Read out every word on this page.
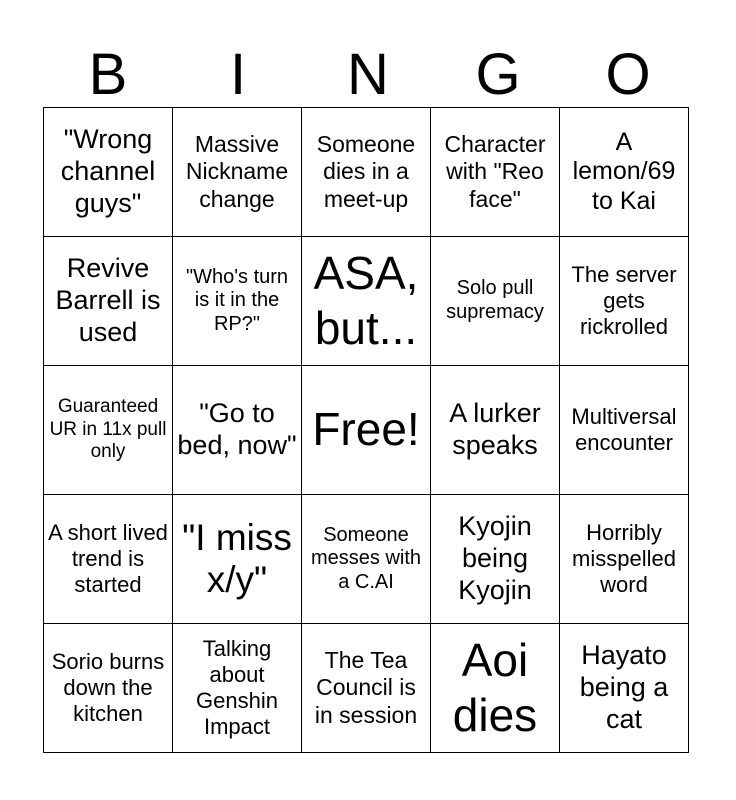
B	I	N	G	O
"Wrong channel guys"	Massive Nickname change	Someone dies in a meet-up	Character with "Reo face"	A lemon/69 to Kai
Revive Barrell is used	"Who's turn is it in the RP?"	ASA, but...	Solo pull supremacy	The server gets rickrolled
Guaranteed UR in 11x pull only	"Go to bed, now"	Free!	A lurker speaks	Multiversal encounter
A short lived trend is started	"I miss x/y"	Someone messes with a C.AI	Kyojin being Kyojin	Horribly misspelled word
Sorio burns down the kitchen	Talking about Genshin Impact	The Tea Council is in session	Aoi dies	Hayato being a cat
